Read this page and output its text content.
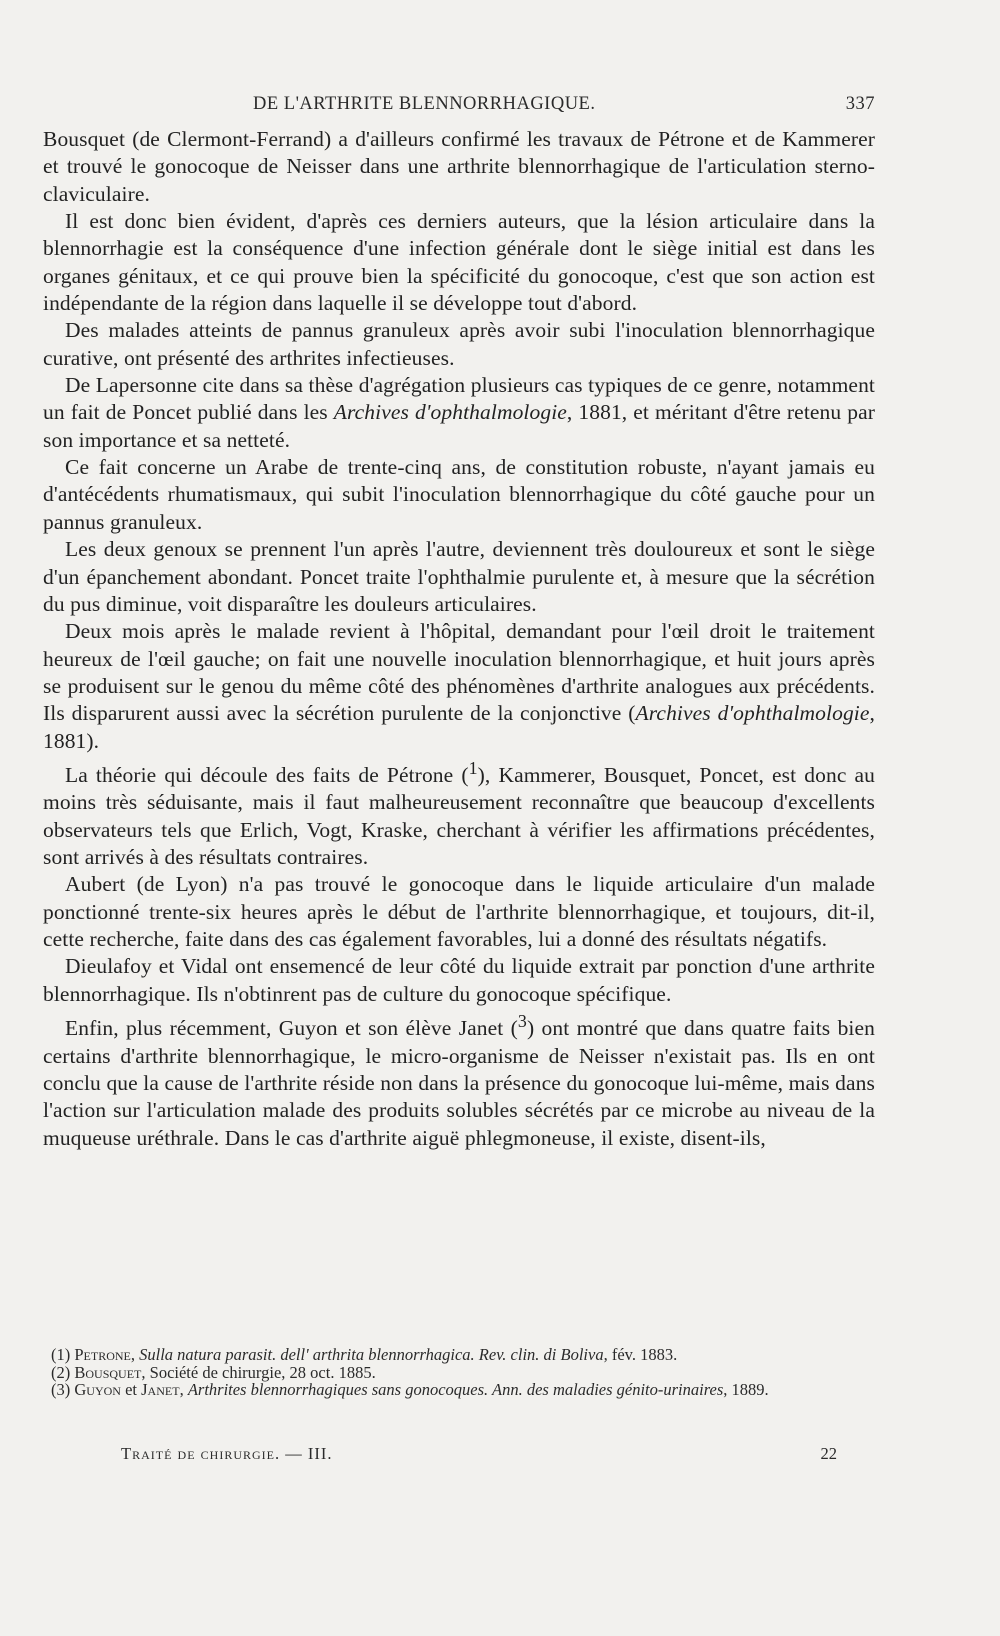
DE L'ARTHRITE BLENNORRHAGIQUE.	337

Bousquet (de Clermont-Ferrand) a d'ailleurs confirmé les travaux de Pétrone et de Kammerer et trouvé le gonocoque de Neisser dans une arthrite blennorrhagique de l'articulation sterno-claviculaire.

Il est donc bien évident, d'après ces derniers auteurs, que la lésion articulaire dans la blennorrhagie est la conséquence d'une infection générale dont le siège initial est dans les organes génitaux, et ce qui prouve bien la spécificité du gonocoque, c'est que son action est indépendante de la région dans laquelle il se développe tout d'abord.

Des malades atteints de pannus granuleux après avoir subi l'inoculation blennorrhagique curative, ont présenté des arthrites infectieuses.

De Lapersonne cite dans sa thèse d'agrégation plusieurs cas typiques de ce genre, notamment un fait de Poncet publié dans les Archives d'ophthalmologie, 1881, et méritant d'être retenu par son importance et sa netteté.

Ce fait concerne un Arabe de trente-cinq ans, de constitution robuste, n'ayant jamais eu d'antécédents rhumatismaux, qui subit l'inoculation blennorrhagique du côté gauche pour un pannus granuleux.

Les deux genoux se prennent l'un après l'autre, deviennent très douloureux et sont le siège d'un épanchement abondant. Poncet traite l'ophthalmie purulente et, à mesure que la sécrétion du pus diminue, voit disparaître les douleurs articulaires.

Deux mois après le malade revient à l'hôpital, demandant pour l'œil droit le traitement heureux de l'œil gauche; on fait une nouvelle inoculation blennorrhagique, et huit jours après se produisent sur le genou du même côté des phénomènes d'arthrite analogues aux précédents. Ils disparurent aussi avec la sécrétion purulente de la conjonctive (Archives d'ophthalmologie, 1881).

La théorie qui découle des faits de Pétrone ($^1$), Kammerer, Bousquet, Poncet, est donc au moins très séduisante, mais il faut malheureusement reconnaître que beaucoup d'excellents observateurs tels que Erlich, Vogt, Kraske, cherchant à vérifier les affirmations précédentes, sont arrivés à des résultats contraires.

Aubert (de Lyon) n'a pas trouvé le gonocoque dans le liquide articulaire d'un malade ponctionné trente-six heures après le début de l'arthrite blennorrhagique, et toujours, dit-il, cette recherche, faite dans des cas également favorables, lui a donné des résultats négatifs.

Dieulafoy et Vidal ont ensemencé de leur côté du liquide extrait par ponction d'une arthrite blennorrhagique. Ils n'obtinrent pas de culture du gonocoque spécifique.

Enfin, plus récemment, Guyon et son élève Janet ($^3$) ont montré que dans quatre faits bien certains d'arthrite blennorrhagique, le micro-organisme de Neisser n'existait pas. Ils en ont conclu que la cause de l'arthrite réside non dans la présence du gonocoque lui-même, mais dans l'action sur l'articulation malade des produits solubles sécrétés par ce microbe au niveau de la muqueuse uréthrale. Dans le cas d'arthrite aiguë phlegmoneuse, il existe, disent-ils,

(1) Petrone, Sulla natura parasit. dell' arthrita blennorrhagica. Rev. clin. di Boliva, fév. 1883.

(2) Bousquet, Société de chirurgie, 28 oct. 1885.

(3) Guyon et Janet, Arthrites blennorrhagiques sans gonocoques. Ann. des maladies génito-urinaires, 1889.

Traité de chirurgie. — III.	22
